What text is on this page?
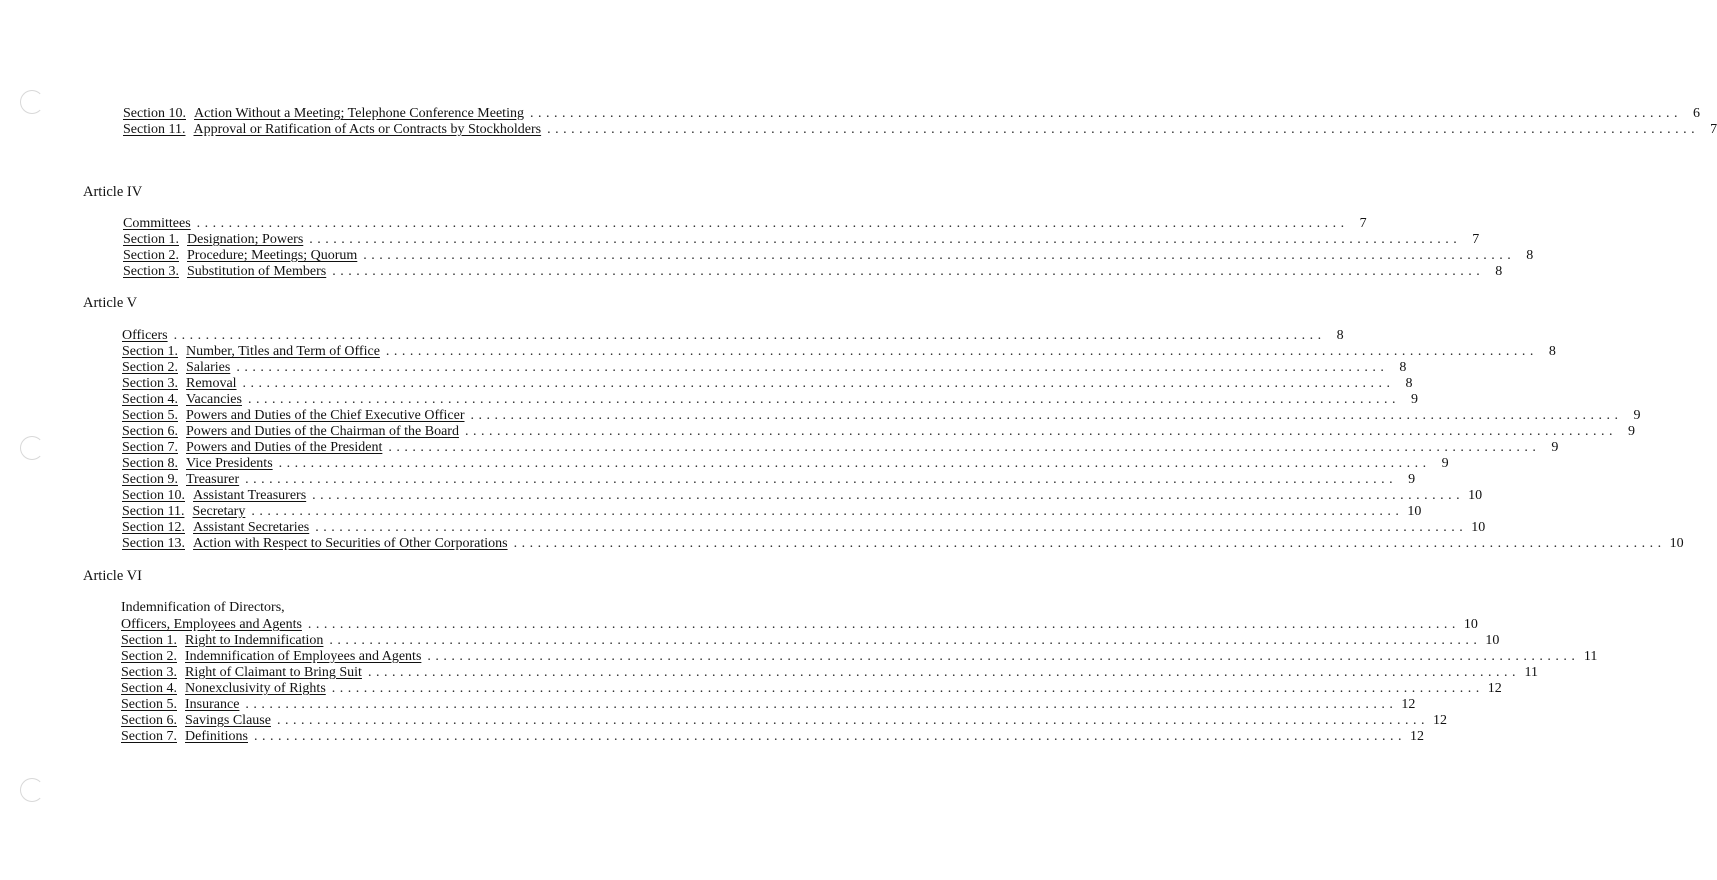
Section 10. Action Without a Meeting; Telephone Conference Meeting ................................................................................................................................................ 6
Section 11. Approval or Ratification of Acts or Contracts by Stockholders ................................................................................................................................................ 7
Article IV
Committees ................................................................................................................................................ 7
Section 1. Designation; Powers ................................................................................................................................................ 7
Section 2. Procedure; Meetings; Quorum ................................................................................................................................................ 8
Section 3. Substitution of Members ................................................................................................................................................ 8
Article V
Officers ................................................................................................................................................ 8
Section 1. Number, Titles and Term of Office ................................................................................................................................................ 8
Section 2. Salaries ................................................................................................................................................ 8
Section 3. Removal ................................................................................................................................................ 8
Section 4. Vacancies ................................................................................................................................................ 9
Section 5. Powers and Duties of the Chief Executive Officer ................................................................................................................................................ 9
Section 6. Powers and Duties of the Chairman of the Board ................................................................................................................................................ 9
Section 7. Powers and Duties of the President ................................................................................................................................................ 9
Section 8. Vice Presidents ................................................................................................................................................ 9
Section 9. Treasurer ................................................................................................................................................ 9
Section 10. Assistant Treasurers ................................................................................................................................................ 10
Section 11. Secretary ................................................................................................................................................ 10
Section 12. Assistant Secretaries ................................................................................................................................................ 10
Section 13. Action with Respect to Securities of Other Corporations ................................................................................................................................................ 10
Article VI
Indemnification of Directors,
Officers, Employees and Agents ................................................................................................................................................ 10
Section 1. Right to Indemnification ................................................................................................................................................ 10
Section 2. Indemnification of Employees and Agents ................................................................................................................................................ 11
Section 3. Right of Claimant to Bring Suit ................................................................................................................................................ 11
Section 4. Nonexclusivity of Rights ................................................................................................................................................ 12
Section 5. Insurance ................................................................................................................................................ 12
Section 6. Savings Clause ................................................................................................................................................ 12
Section 7. Definitions ................................................................................................................................................ 12
